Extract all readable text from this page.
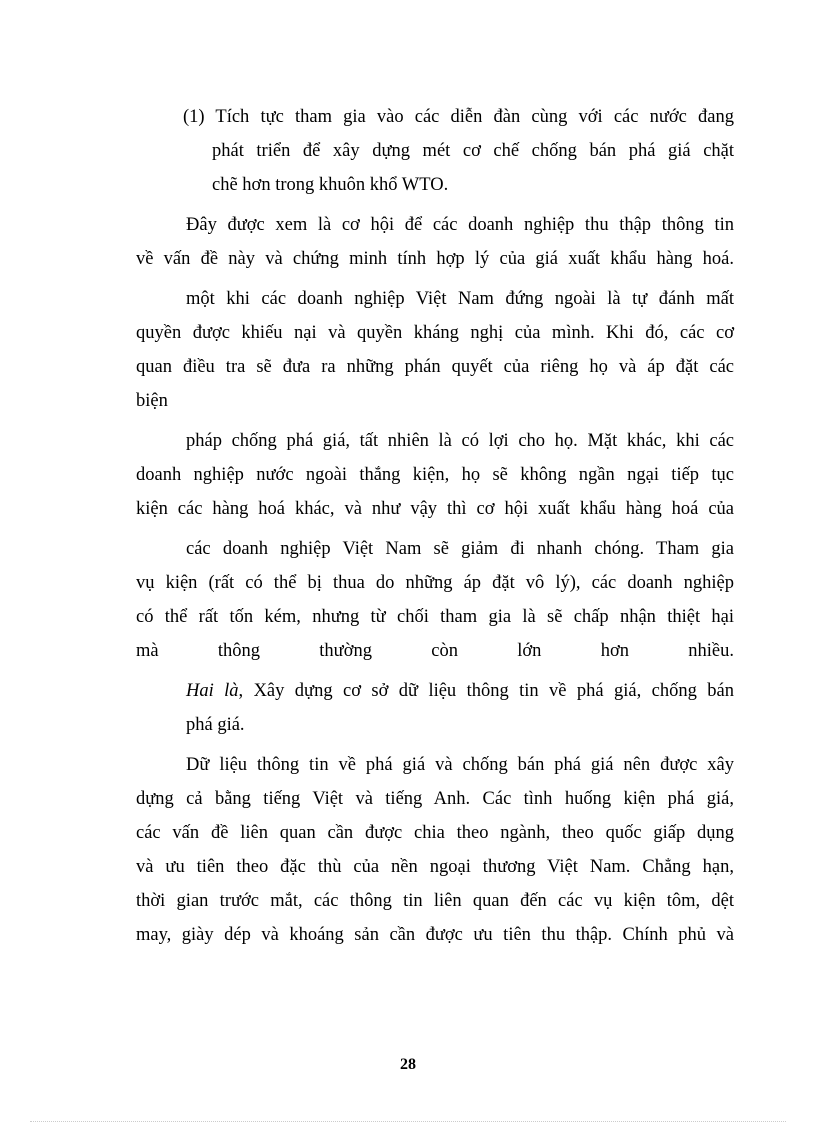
(1) Tích tực tham gia vào các diễn đàn cùng với các nước đang
phát triển để xây dựng mét cơ chế chống bán phá giá chặt
chẽ hơn trong khuôn khổ WTO.
Đây được xem là cơ hội để các doanh nghiệp thu thập thông tin
về vấn đề này và chứng minh tính hợp lý của giá xuất khẩu hàng hoá.
một khi các doanh nghiệp Việt Nam đứng ngoài là tự đánh mất
quyền được khiếu nại và quyền kháng nghị của mình. Khi đó, các cơ
quan điều tra sẽ đưa ra những phán quyết của riêng họ và áp đặt các
biện
pháp chống phá giá, tất nhiên là có lợi cho họ. Mặt khác, khi các
doanh nghiệp nước ngoài thắng kiện, họ sẽ không ngần ngại tiếp tục
kiện các hàng hoá khác, và như vậy thì cơ hội xuất khẩu hàng hoá của
các doanh nghiệp Việt Nam sẽ giảm đi nhanh chóng. Tham gia
vụ kiện (rất có thể bị thua do những áp đặt vô lý), các doanh nghiệp
có thể rất tốn kém, nhưng từ chối tham gia là sẽ chấp nhận thiệt hại
mà thông thường còn lớn hơn nhiều.
Hai là, Xây dựng cơ sở dữ liệu thông tin về phá giá, chống bán
phá giá.
Dữ liệu thông tin về phá giá và chống bán phá giá nên được xây
dựng cả bằng tiếng Việt và tiếng Anh. Các tình huống kiện phá giá,
các vấn đề liên quan cần được chia theo ngành, theo quốc giấp dụng
và ưu tiên theo đặc thù của nền ngoại thương Việt Nam. Chẳng hạn,
thời gian trước mắt, các thông tin liên quan đến các vụ kiện tôm, dệt
may, giày dép và khoáng sản cần được ưu tiên thu thập. Chính phủ và
28
